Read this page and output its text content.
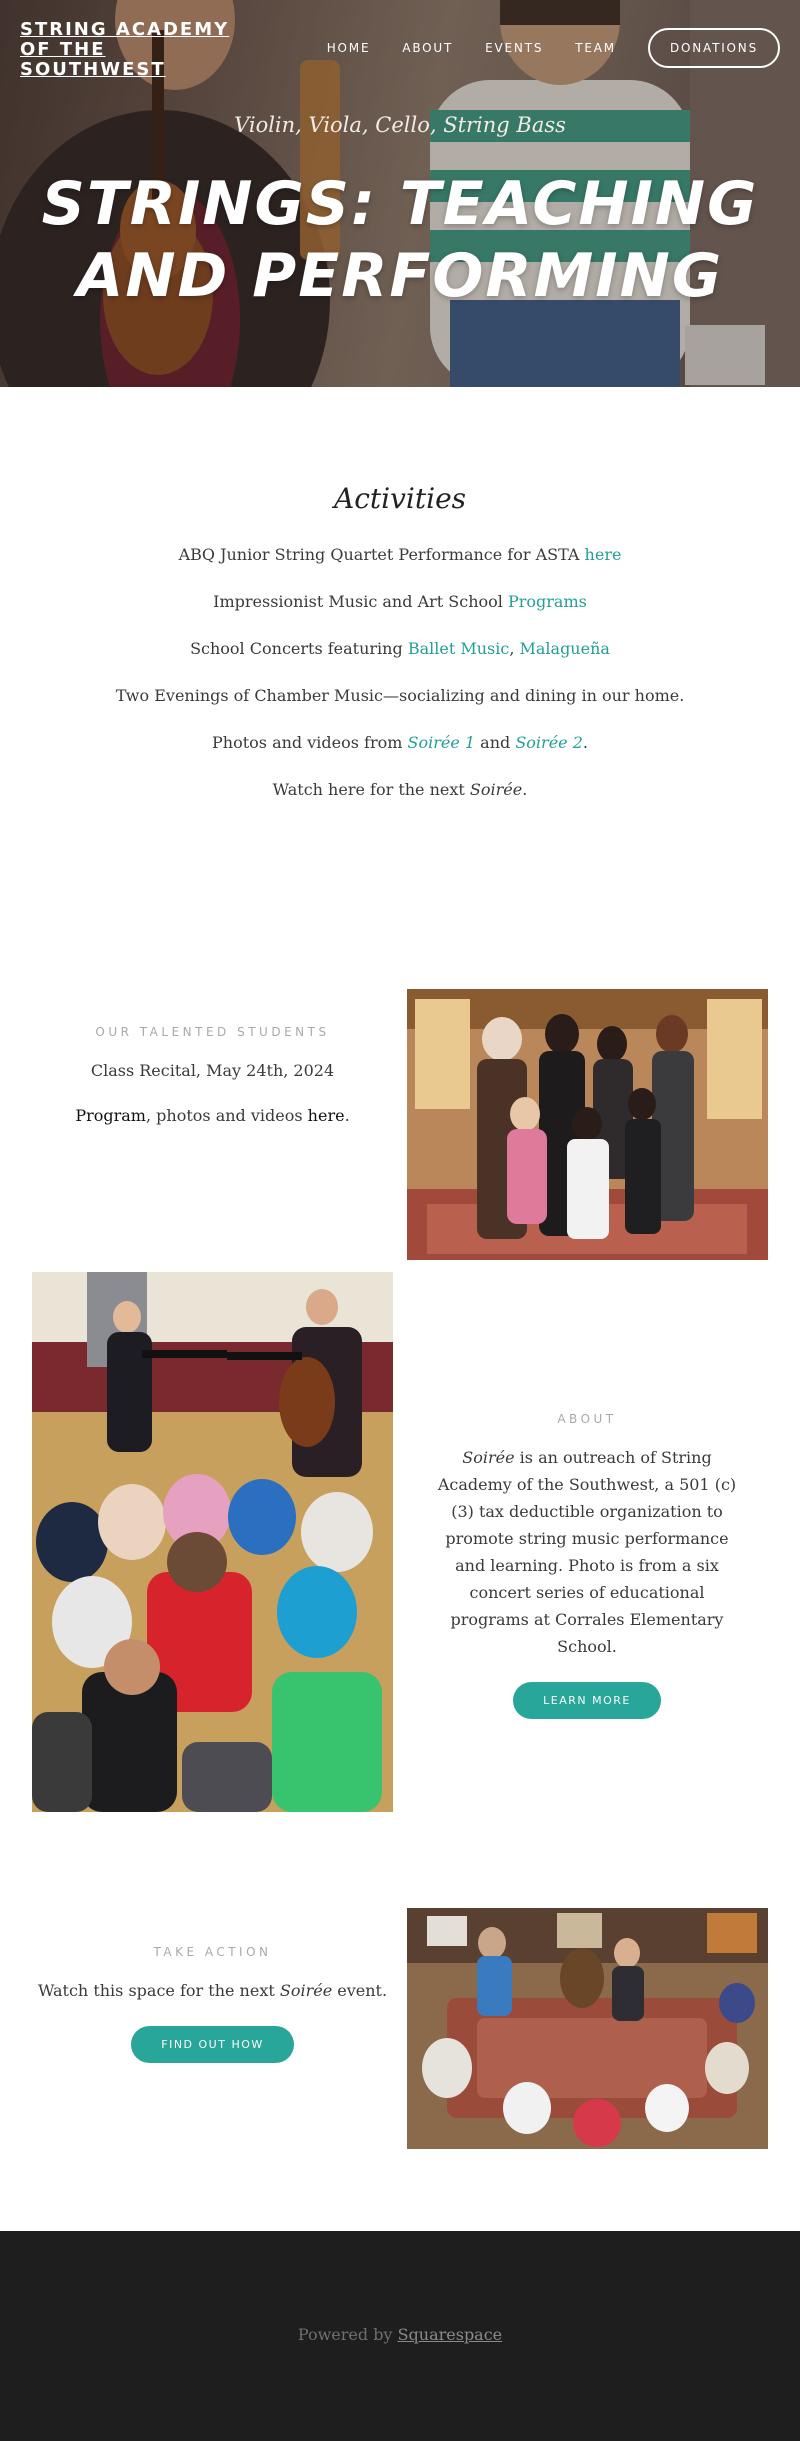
STRING ACADEMY
OF THE
SOUTHWEST
HOME	ABOUT	EVENTS	TEAM	DONATIONS
Violin, Viola, Cello, String Bass
STRINGS: TEACHING
AND PERFORMING
Activities

ABQ Junior String Quartet Performance for ASTA here

Impressionist Music and Art School Programs

School Concerts featuring Ballet Music, Malagueña

Two Evenings of Chamber Music—socializing and dining in our home.

Photos and videos from Soirée 1 and Soirée 2.

Watch here for the next Soirée.

OUR TALENTED STUDENTS

Class Recital, May 24th, 2024

Program, photos and videos here.

ABOUT

Soirée is an outreach of String Academy of the Southwest, a 501 (c) (3) tax deductible organization to promote string music performance and learning. Photo is from a six concert series of educational programs at Corrales Elementary School.

LEARN MORE
TAKE ACTION

Watch this space for the next Soirée event.

FIND OUT HOW

Powered by Squarespace
